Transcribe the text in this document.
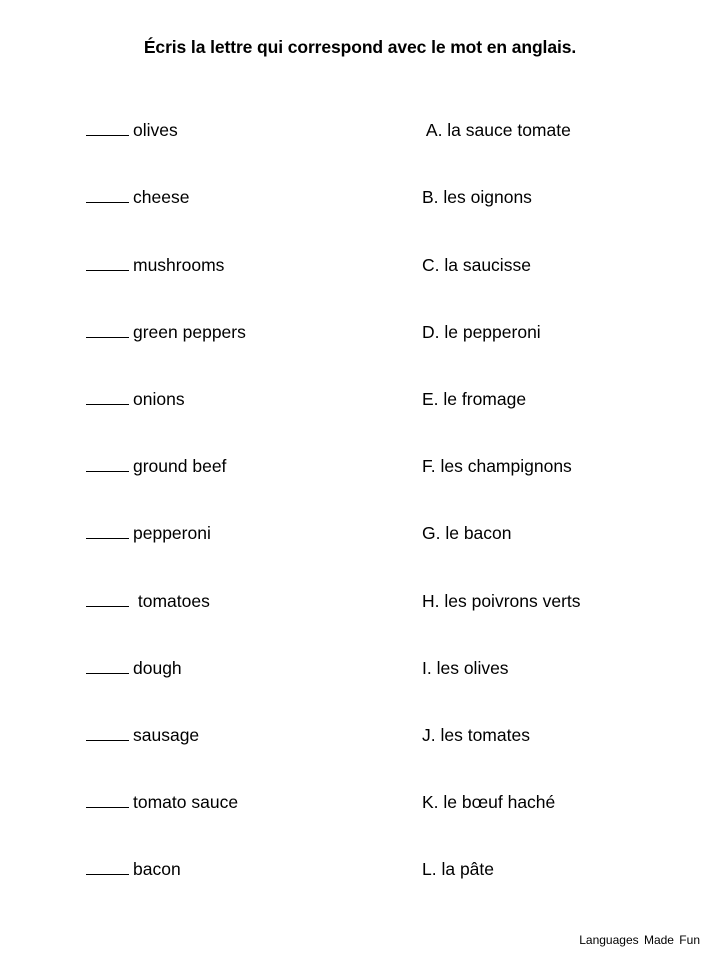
Écris la lettre qui correspond avec le mot en anglais.
olives
cheese
mushrooms
green peppers
onions
ground beef
pepperoni
tomatoes
dough
sausage
tomato sauce
bacon
A. la sauce tomate
B. les oignons
C. la saucisse
D. le pepperoni
E. le fromage
F. les champignons
G. le bacon
H. les poivrons verts
I. les olives
J. les tomates
K. le bœuf haché
L. la pâte
Languages Made Fun
